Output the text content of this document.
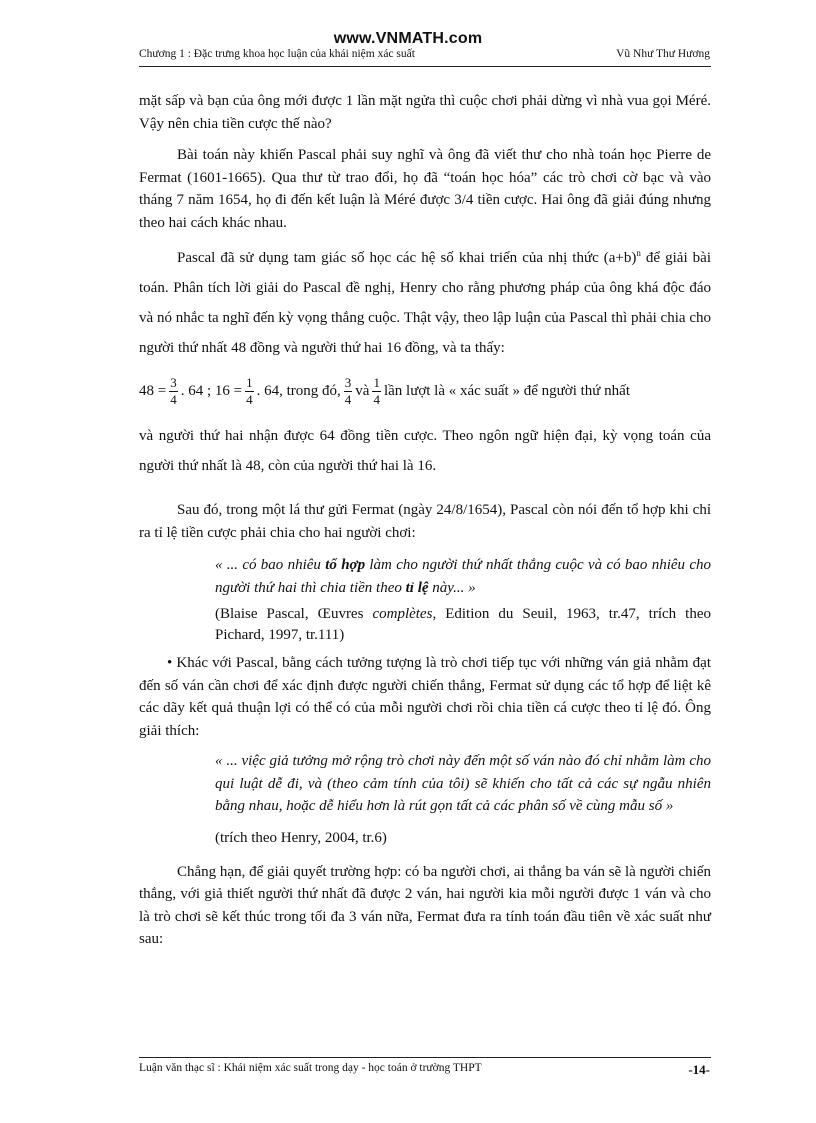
www.VNMATH.com
Chương 1 : Đặc trưng khoa học luận của khái niệm xác suất	Vũ Như Thư Hương

mặt sấp và bạn của ông mới được 1 lần mặt ngửa thì cuộc chơi phải dừng vì nhà vua gọi Méré. Vậy nên chia tiền cược thế nào?

Bài toán này khiến Pascal phải suy nghĩ và ông đã viết thư cho nhà toán học Pierre de Fermat (1601-1665). Qua thư từ trao đổi, họ đã “toán học hóa” các trò chơi cờ bạc và vào tháng 7 năm 1654, họ đi đến kết luận là Méré được 3/4 tiền cược. Hai ông đã giải đúng nhưng theo hai cách khác nhau.

Pascal đã sử dụng tam giác số học các hệ số khai triển của nhị thức $(a+b)^n$ để giải bài toán. Phân tích lời giải do Pascal đề nghị, Henry cho rằng phương pháp của ông khá độc đáo và nó nhắc ta nghĩ đến kỳ vọng thắng cuộc. Thật vậy, theo lập luận của Pascal thì phải chia cho người thứ nhất 48 đồng và người thứ hai 16 đồng, và ta thấy:

$48 = \frac{3}{4}$ . 64 ; $16 = \frac{1}{4}$ . 64, trong đó, $\frac{3}{4}$ và $\frac{1}{4}$ lần lượt là « xác suất » để người thứ nhất

và người thứ hai nhận được 64 đồng tiền cược. Theo ngôn ngữ hiện đại, kỳ vọng toán của người thứ nhất là 48, còn của người thứ hai là 16.

Sau đó, trong một lá thư gửi Fermat (ngày 24/8/1654), Pascal còn nói đến tổ hợp khi chỉ ra tỉ lệ tiền cược phải chia cho hai người chơi:

« ... có bao nhiêu tổ hợp làm cho người thứ nhất thắng cuộc và có bao nhiêu cho người thứ hai thì chia tiền theo tỉ lệ này... »

(Blaise Pascal, Œuvres complètes, Edition du Seuil, 1963, tr.47, trích theo Pichard, 1997, tr.111)

• Khác với Pascal, bằng cách tưởng tượng là trò chơi tiếp tục với những ván giả nhằm đạt đến số ván cần chơi để xác định được người chiến thắng, Fermat sử dụng các tổ hợp để liệt kê các dãy kết quả thuận lợi có thể có của mỗi người chơi rồi chia tiền cá cược theo tỉ lệ đó. Ông giải thích:

« ... việc giả tưởng mở rộng trò chơi này đến một số ván nào đó chỉ nhằm làm cho qui luật dễ đi, và (theo cảm tính của tôi) sẽ khiến cho tất cả các sự ngẫu nhiên bằng nhau, hoặc dễ hiểu hơn là rút gọn tất cả các phân số về cùng mẫu số »

(trích theo Henry, 2004, tr.6)

Chẳng hạn, để giải quyết trường hợp: có ba người chơi, ai thắng ba ván sẽ là người chiến thắng, với giả thiết người thứ nhất đã được 2 ván, hai người kia mỗi người được 1 ván và cho là trò chơi sẽ kết thúc trong tối đa 3 ván nữa, Fermat đưa ra tính toán đầu tiên về xác suất như sau:

Luận văn thạc sĩ : Khái niệm xác suất trong dạy - học toán ở trường THPT	-14-
